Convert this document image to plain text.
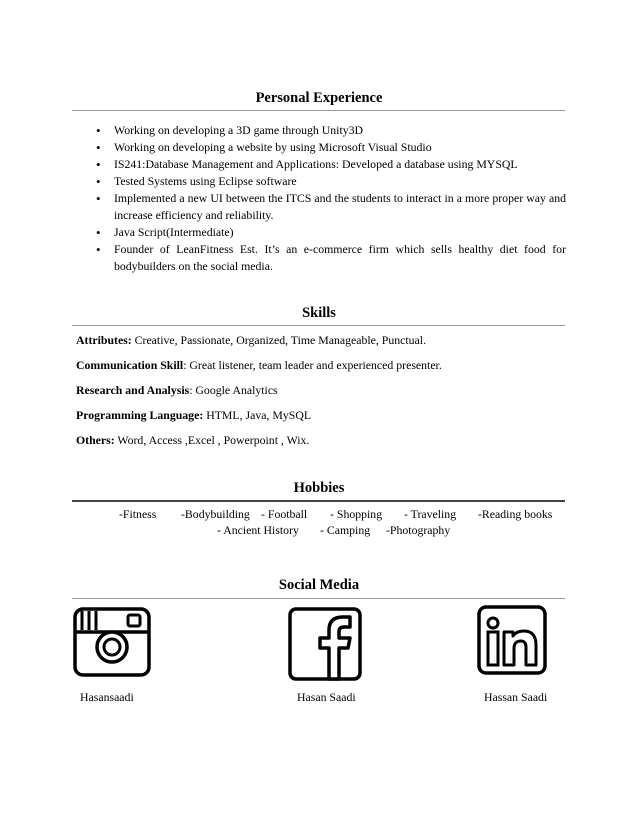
Personal Experience
• Working on developing a 3D game through Unity3D
• Working on developing a website by using Microsoft Visual Studio
• IS241:Database Management and Applications: Developed a database using MYSQL
• Tested Systems using Eclipse software
• Implemented a new UI between the ITCS and the students to interact in a more proper way and increase efficiency and reliability.
• Java Script(Intermediate)
• Founder of LeanFitness Est. It’s an e-commerce firm which sells healthy diet food for bodybuilders on the social media.
Skills
Attributes: Creative, Passionate, Organized, Time Manageable, Punctual.
Communication Skill: Great listener, team leader and experienced presenter.
Research and Analysis: Google Analytics
Programming Language: HTML, Java, MySQL
Others: Word, Access ,Excel , Powerpoint , Wix.
Hobbies
-Fitness -Bodybuilding - Football - Shopping - Traveling -Reading books
- Ancient History - Camping -Photography
Social Media
Hasansaadi	Hasan Saadi	Hassan Saadi
